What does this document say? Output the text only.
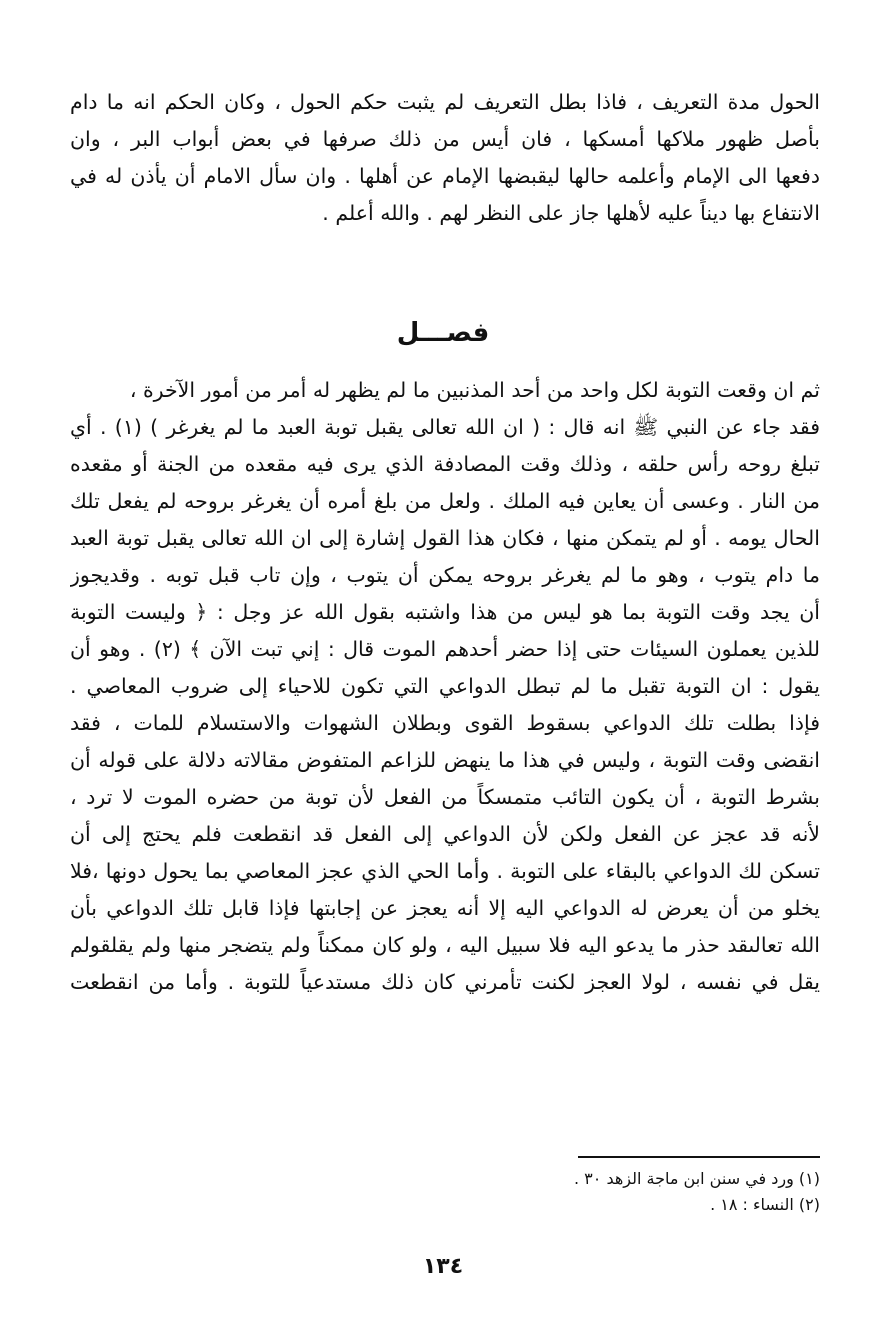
الحول مدة التعريف ، فاذا بطل التعريف لم يثبت حكم الحول ، وكان الحكم انه ما دام
بأصل ظهور ملاكها أمسكها ، فان أيس من ذلك صرفها في بعض أبواب البر ، وان
دفعها الى الإمام وأعلمه حالها ليقبضها الإمام عن أهلها . وان سأل الامام أن يأذن له في
الانتفاع بها ديناً عليه لأهلها جاز على النظر لهم . والله أعلم .
فصـــل
ثم ان وقعت التوبة لكل واحد من أحد المذنبين ما لم يظهر له أمر من أمور الآخرة ،
فقد جاء عن النبي ﷺ انه قال : ( ان الله تعالى يقبل توبة العبد ما لم يغرغر ) (١) . أي
تبلغ روحه رأس حلقه ، وذلك وقت المصادفة الذي يرى فيه مقعده من الجنة أو مقعده
من النار . وعسى أن يعاين فيه الملك . ولعل من بلغ أمره أن يغرغر بروحه لم يفعل تلك
الحال يومه . أو لم يتمكن منها ، فكان هذا القول إشارة إلى ان الله تعالى يقبل توبة العبد
ما دام يتوب ، وهو ما لم يغرغر بروحه يمكن أن يتوب ، وإن تاب قبل توبه . وقديجوز
أن يجد وقت التوبة بما هو ليس من هذا واشتبه بقول الله عز وجل : ﴿ وليست التوبة
للذين يعملون السيئات حتى إذا حضر أحدهم الموت قال : إني تبت الآن ﴾ (٢) . وهو أن
يقول : ان التوبة تقبل ما لم تبطل الدواعي التي تكون للاحياء إلى ضروب المعاصي .
فإذا بطلت تلك الدواعي بسقوط القوى وبطلان الشهوات والاستسلام للمات ، فقد
انقضى وقت التوبة ، وليس في هذا ما ينهض للزاعم المتفوض مقالاته دلالة على قوله أن
بشرط التوبة ، أن يكون التائب متمسكاً من الفعل لأن توبة من حضره الموت لا ترد ،
لأنه قد عجز عن الفعل ولكن لأن الدواعي إلى الفعل قد انقطعت فلم يحتج إلى أن
تسكن لك الدواعي بالبقاء على التوبة . وأما الحي الذي عجز المعاصي بما يحول دونها ،فلا
يخلو من أن يعرض له الدواعي اليه إلا أنه يعجز عن إجابتها فإذا قابل تلك الدواعي بأن
الله تعالىقد حذر ما يدعو اليه فلا سبيل اليه ، ولو كان ممكناً ولم يتضجر منها ولم يقلقولم
يقل في نفسه ، لولا العجز لكنت تأمرني كان ذلك مستدعياً للتوبة . وأما من انقطعت
(١) ورد في سنن ابن ماجة الزهد ٣٠ .
(٢) النساء : ١٨ .
١٣٤
